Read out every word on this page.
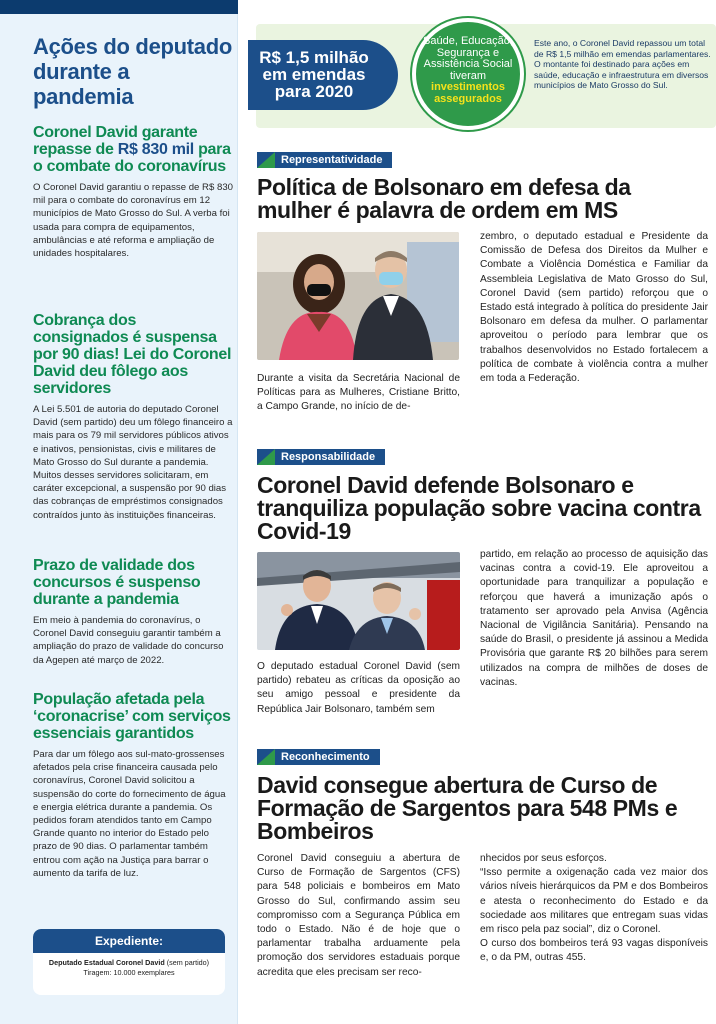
Ações do deputado durante a pandemia
Coronel David garante repasse de R$ 830 mil para o combate do coronavírus

O Coronel David garantiu o repasse de R$ 830 mil para o combate do coronavírus em 12 municípios de Mato Grosso do Sul. A verba foi usada para compra de equipamentos, ambulâncias e até reforma e ampliação de unidades hospitalares.

Cobrança dos consignados é suspensa por 90 dias! Lei do Coronel David deu fôlego aos servidores

A Lei 5.501 de autoria do deputado Coronel David (sem partido) deu um fôlego financeiro a mais para os 79 mil servidores públicos ativos e inativos, pensionistas, civis e militares de Mato Grosso do Sul durante a pandemia. Muitos desses servidores solicitaram, em caráter excepcional, a suspensão por 90 dias das cobranças de empréstimos consignados contraídos junto às instituições financeiras.

Prazo de validade dos concursos é suspenso durante a pandemia

Em meio à pandemia do coronavírus, o Coronel David conseguiu garantir também a ampliação do prazo de validade do concurso da Agepen até março de 2022.

População afetada pela ‘coronacrise’ com serviços essenciais garantidos

Para dar um fôlego aos sul-mato-grossenses afetados pela crise financeira causada pelo coronavírus, Coronel David solicitou a suspensão do corte do fornecimento de água e energia elétrica durante a pandemia. Os pedidos foram atendidos tanto em Campo Grande quanto no interior do Estado pelo prazo de 90 dias. O parlamentar também entrou com ação na Justiça para barrar o aumento da tarifa de luz.

Expediente:
Deputado Estadual Coronel David (sem partido)
Tiragem: 10.000 exemplares
R$ 1,5 milhão em emendas para 2020
Saúde, Educação, Segurança e Assistência Social tiveram
investimentos assegurados

Este ano, o Coronel David repassou um total de R$ 1,5 milhão em emendas parlamentares. O montante foi destinado para ações em saúde, educação e infraestrutura em diversos municípios de Mato Grosso do Sul.

Representatividade
Política de Bolsonaro em defesa da mulher é palavra de ordem em MS

Durante a visita da Secretária Nacional de Políticas para as Mulheres, Cristiane Britto, a Campo Grande, no início de de-

zembro, o deputado estadual e Presidente da Comissão de Defesa dos Direitos da Mulher e Combate a Violência Doméstica e Familiar da Assembleia Legislativa de Mato Grosso do Sul, Coronel David (sem partido) reforçou que o Estado está integrado à política do presidente Jair Bolsonaro em defesa da mulher. O parlamentar aproveitou o período para lembrar que os trabalhos desenvolvidos no Estado fortalecem a política de combate à violência contra a mulher em toda a Federação.

Responsabilidade
Coronel David defende Bolsonaro e tranquiliza população sobre vacina contra Covid-19

O deputado estadual Coronel David (sem partido) rebateu as críticas da oposição ao seu amigo pessoal e presidente da República Jair Bolsonaro, também sem

partido, em relação ao processo de aquisição das vacinas contra a covid-19. Ele aproveitou a oportunidade para tranquilizar a população e reforçou que haverá a imunização após o tratamento ser aprovado pela Anvisa (Agência Nacional de Vigilância Sanitária). Pensando na saúde do Brasil, o presidente já assinou a Medida Provisória que garante R$ 20 bilhões para serem utilizados na compra de milhões de doses de vacinas.

Reconhecimento
David consegue abertura de Curso de Formação de Sargentos para 548 PMs e Bombeiros

Coronel David conseguiu a abertura de Curso de Formação de Sargentos (CFS) para 548 policiais e bombeiros em Mato Grosso do Sul, confirmando assim seu compromisso com a Segurança Pública em todo o Estado. Não é de hoje que o parlamentar trabalha arduamente pela promoção dos servidores estaduais porque acredita que eles precisam ser reco-

nhecidos por seus esforços.

“Isso permite a oxigenação cada vez maior dos vários níveis hierárquicos da PM e dos Bombeiros e atesta o reconhecimento do Estado e da sociedade aos militares que entregam suas vidas em risco pela paz social”, diz o Coronel.

O curso dos bombeiros terá 93 vagas disponíveis e, o da PM, outras 455.
